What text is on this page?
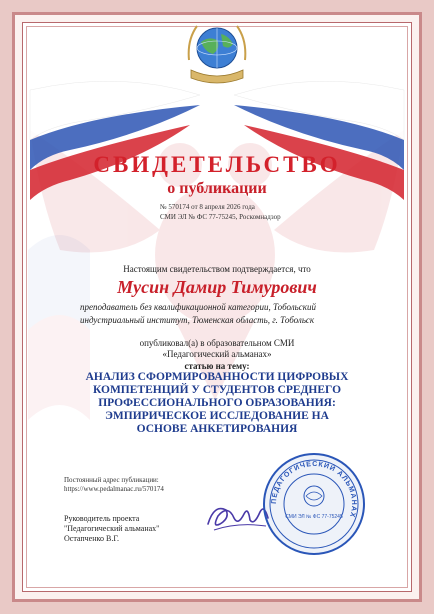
СВИДЕТЕЛЬСТВО
о публикации
№ 570174 от 8 апреля 2026 года
СМИ ЭЛ № ФС 77-75245, Роскомнадзор
Настоящим свидетельством подтверждается, что
Мусин Дамир Тимурович
преподаватель без квалификационной категории, Тобольский индустриальный институт, Тюменская область, г. Тобольск
опубликовал(а) в образовательном СМИ
«Педагогический альманах»
статью на тему:
АНАЛИЗ СФОРМИРОВАННОСТИ ЦИФРОВЫХ КОМПЕТЕНЦИЙ У СТУДЕНТОВ СРЕДНЕГО ПРОФЕССИОНАЛЬНОГО ОБРАЗОВАНИЯ: ЭМПИРИЧЕСКОЕ ИССЛЕДОВАНИЕ НА ОСНОВЕ АНКЕТИРОВАНИЯ
Постоянный адрес публикации:
https://www.pedalmanac.ru/570174
Руководитель проекта
"Педагогический альманах"
Остапченко В.Г.
ПЕДАГОГИЧЕСКИЙ АЛЬМАНАХ
СМИ ЭЛ № ФС 77-75245
